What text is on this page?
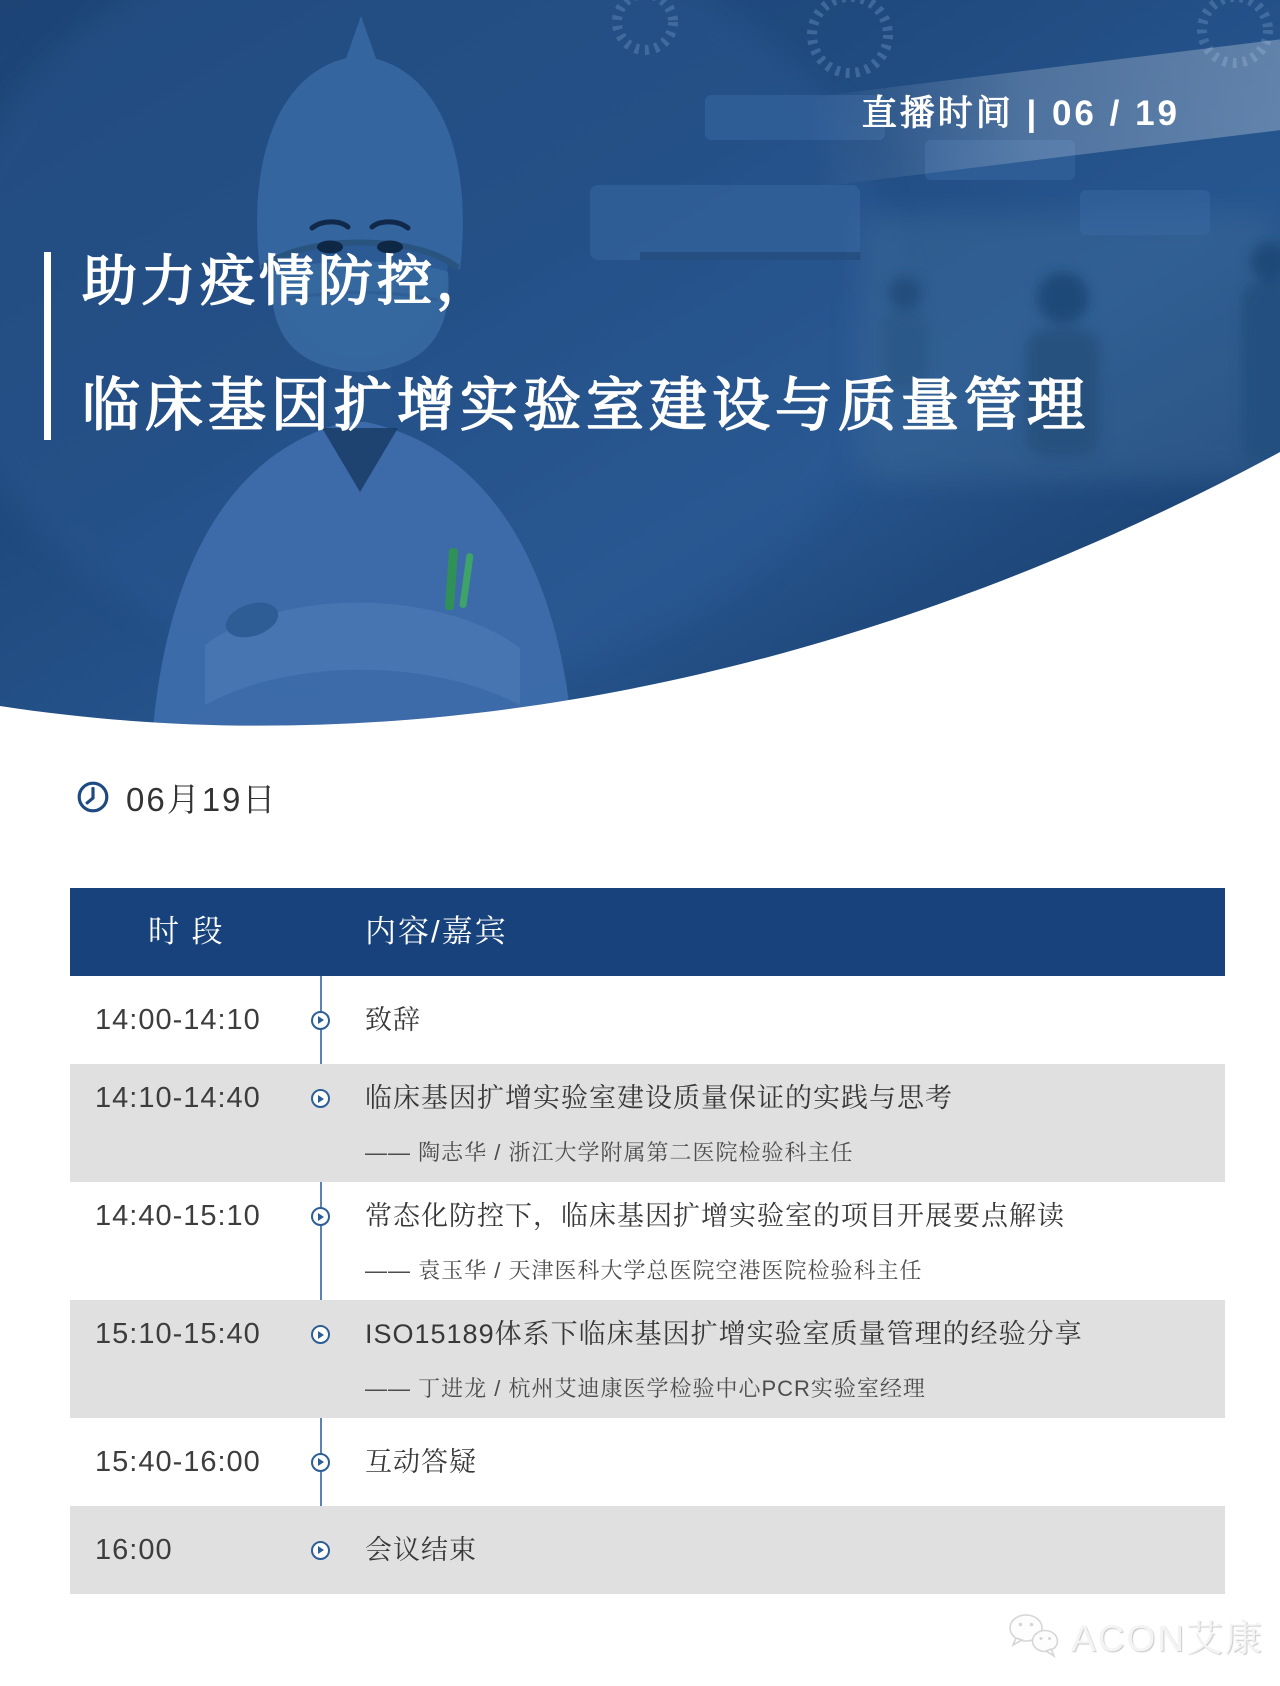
直播时间 | 06 / 19
助力疫情防控，
临床基因扩增实验室建设与质量管理
06月19日
时 段	内容/嘉宾
14:00-14:10	致辞
14:10-14:40	临床基因扩增实验室建设质量保证的实践与思考
—— 陶志华 / 浙江大学附属第二医院检验科主任
14:40-15:10	常态化防控下，临床基因扩增实验室的项目开展要点解读
—— 袁玉华 / 天津医科大学总医院空港医院检验科主任
15:10-15:40	ISO15189体系下临床基因扩增实验室质量管理的经验分享
—— 丁进龙 / 杭州艾迪康医学检验中心PCR实验室经理
15:40-16:00	互动答疑
16:00	会议结束
ACON艾康
